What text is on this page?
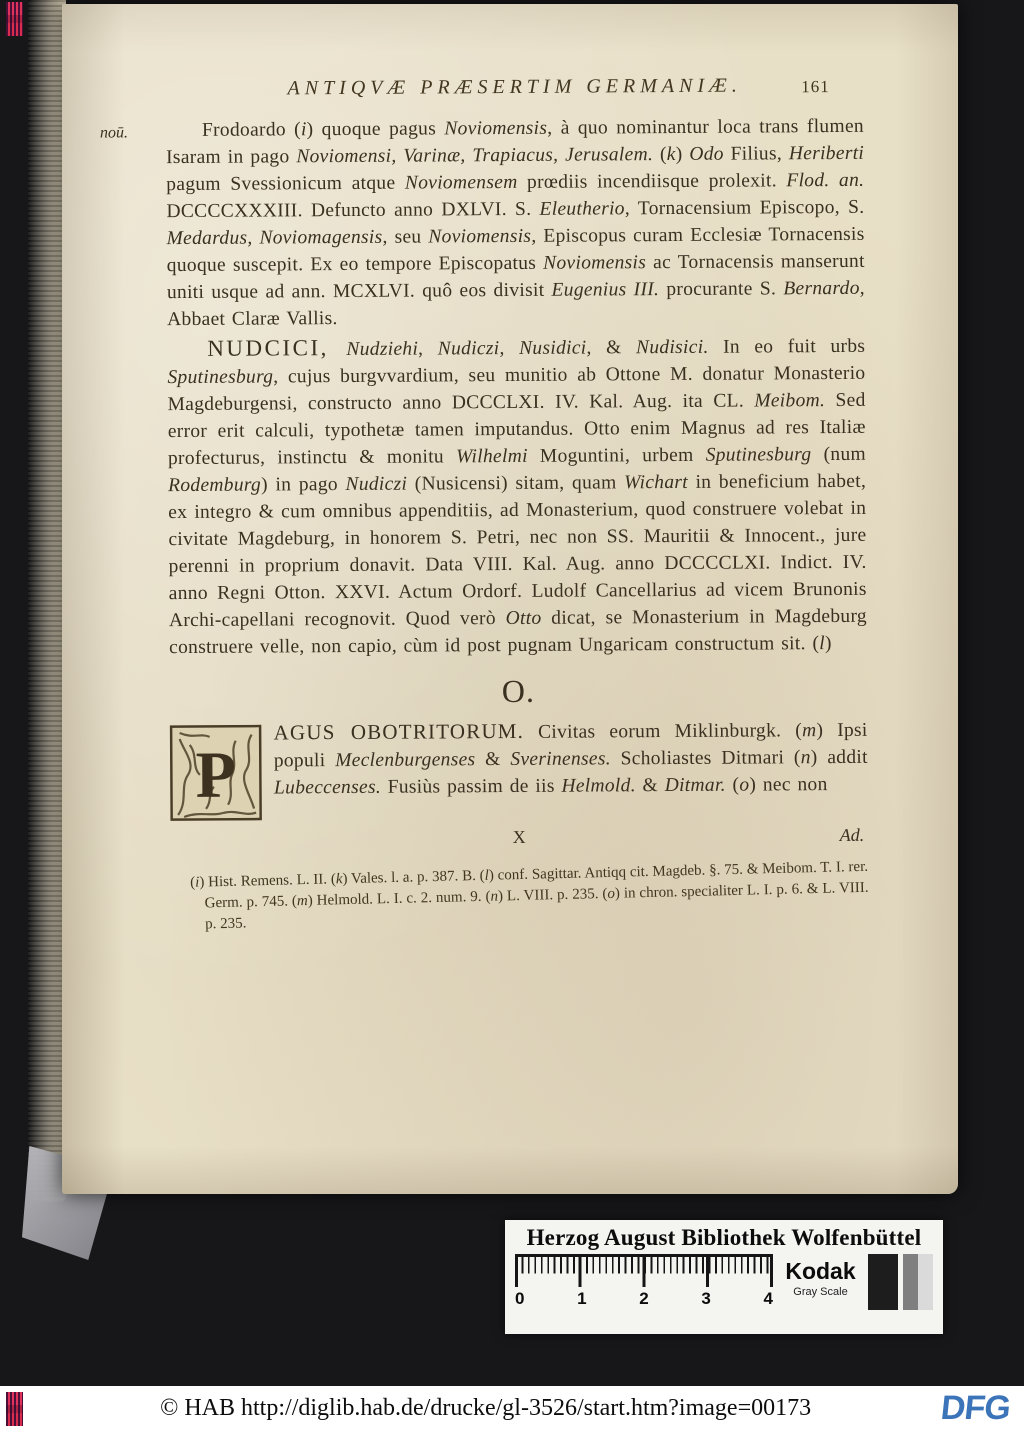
ANTIQVÆ PRÆSERTIM GERMANIÆ.	161

noū.	Frodoardo (i) quoque pagus Noviomensis, à quo nominantur loca trans flumen Isaram in pago Noviomensi, Varinæ, Trapiacus, Jerusalem. (k) Odo Filius, Heriberti pagum Svessionicum atque Noviomensem prœdiis incendiisque prolexit. Flod. an. DCCCCXXXIII. Defuncto anno DXLVI. S. Eleutherio, Tornacensium Episcopo, S. Medardus, Noviomagensis, seu Noviomensis, Episcopus curam Ecclesiæ Tornacensis quoque suscepit. Ex eo tempore Episcopatus Noviomensis ac Tornacensis manserunt uniti usque ad ann. MCXLVI. quô eos divisit Eugenius III. procurante S. Bernardo, Abbaet Claræ Vallis.

NUDCICI, Nudziehi, Nudiczi, Nusidici, & Nudisici. In eo fuit urbs Sputinesburg, cujus burgvvardium, seu munitio ab Ottone M. donatur Monasterio Magdeburgensi, constructo anno DCCCLXI. IV. Kal. Aug. ita CL. Meibom. Sed error erit calculi, typothetæ tamen imputandus. Otto enim Magnus ad res Italiæ profecturus, instinctu & monitu Wilhelmi Moguntini, urbem Sputinesburg (num Rodemburg) in pago Nudiczi (Nusicensi) sitam, quam Wichart in beneficium habet, ex integro & cum omnibus appenditiis, ad Monasterium, quod construere volebat in civitate Magdeburg, in honorem S. Petri, nec non SS. Mauritii & Innocent., jure perenni in proprium donavit. Data VIII. Kal. Aug. anno DCCCCLXI. Indict. IV. anno Regni Otton. XXVI. Actum Ordorf. Ludolf Cancellarius ad vicem Brunonis Archi-capellani recognovit. Quod verò Otto dicat, se Monasterium in Magdeburg construere velle, non capio, cùm id post pugnam Ungaricam constructum sit. (l)

O.
P
AGUS OBOTRITORUM. Civitas eorum Miklinburgk. (m) Ipsi populi Meclenburgenses & Sverinenses. Scholiastes Ditmari (n) addit Lubeccenses. Fusiùs passim de iis Helmold. & Ditmar. (o) nec non
X	Ad.
(i) Hist. Remens. L. II. (k) Vales. l. a. p. 387. B. (l) conf. Sagittar. Antiqq cit. Magdeb. §. 75. & Meibom. T. I. rer. Germ. p. 745. (m) Helmold. L. I. c. 2. num. 9. (n) L. VIII. p. 235. (o) in chron. specialiter L. I. p. 6. & L. VIII. p. 235.
Herzog August Bibliothek Wolfenbüttel
0	1	2	3	4
Kodak
Gray Scale
© HAB http://diglib.hab.de/drucke/gl-3526/start.htm?image=00173	DFG
